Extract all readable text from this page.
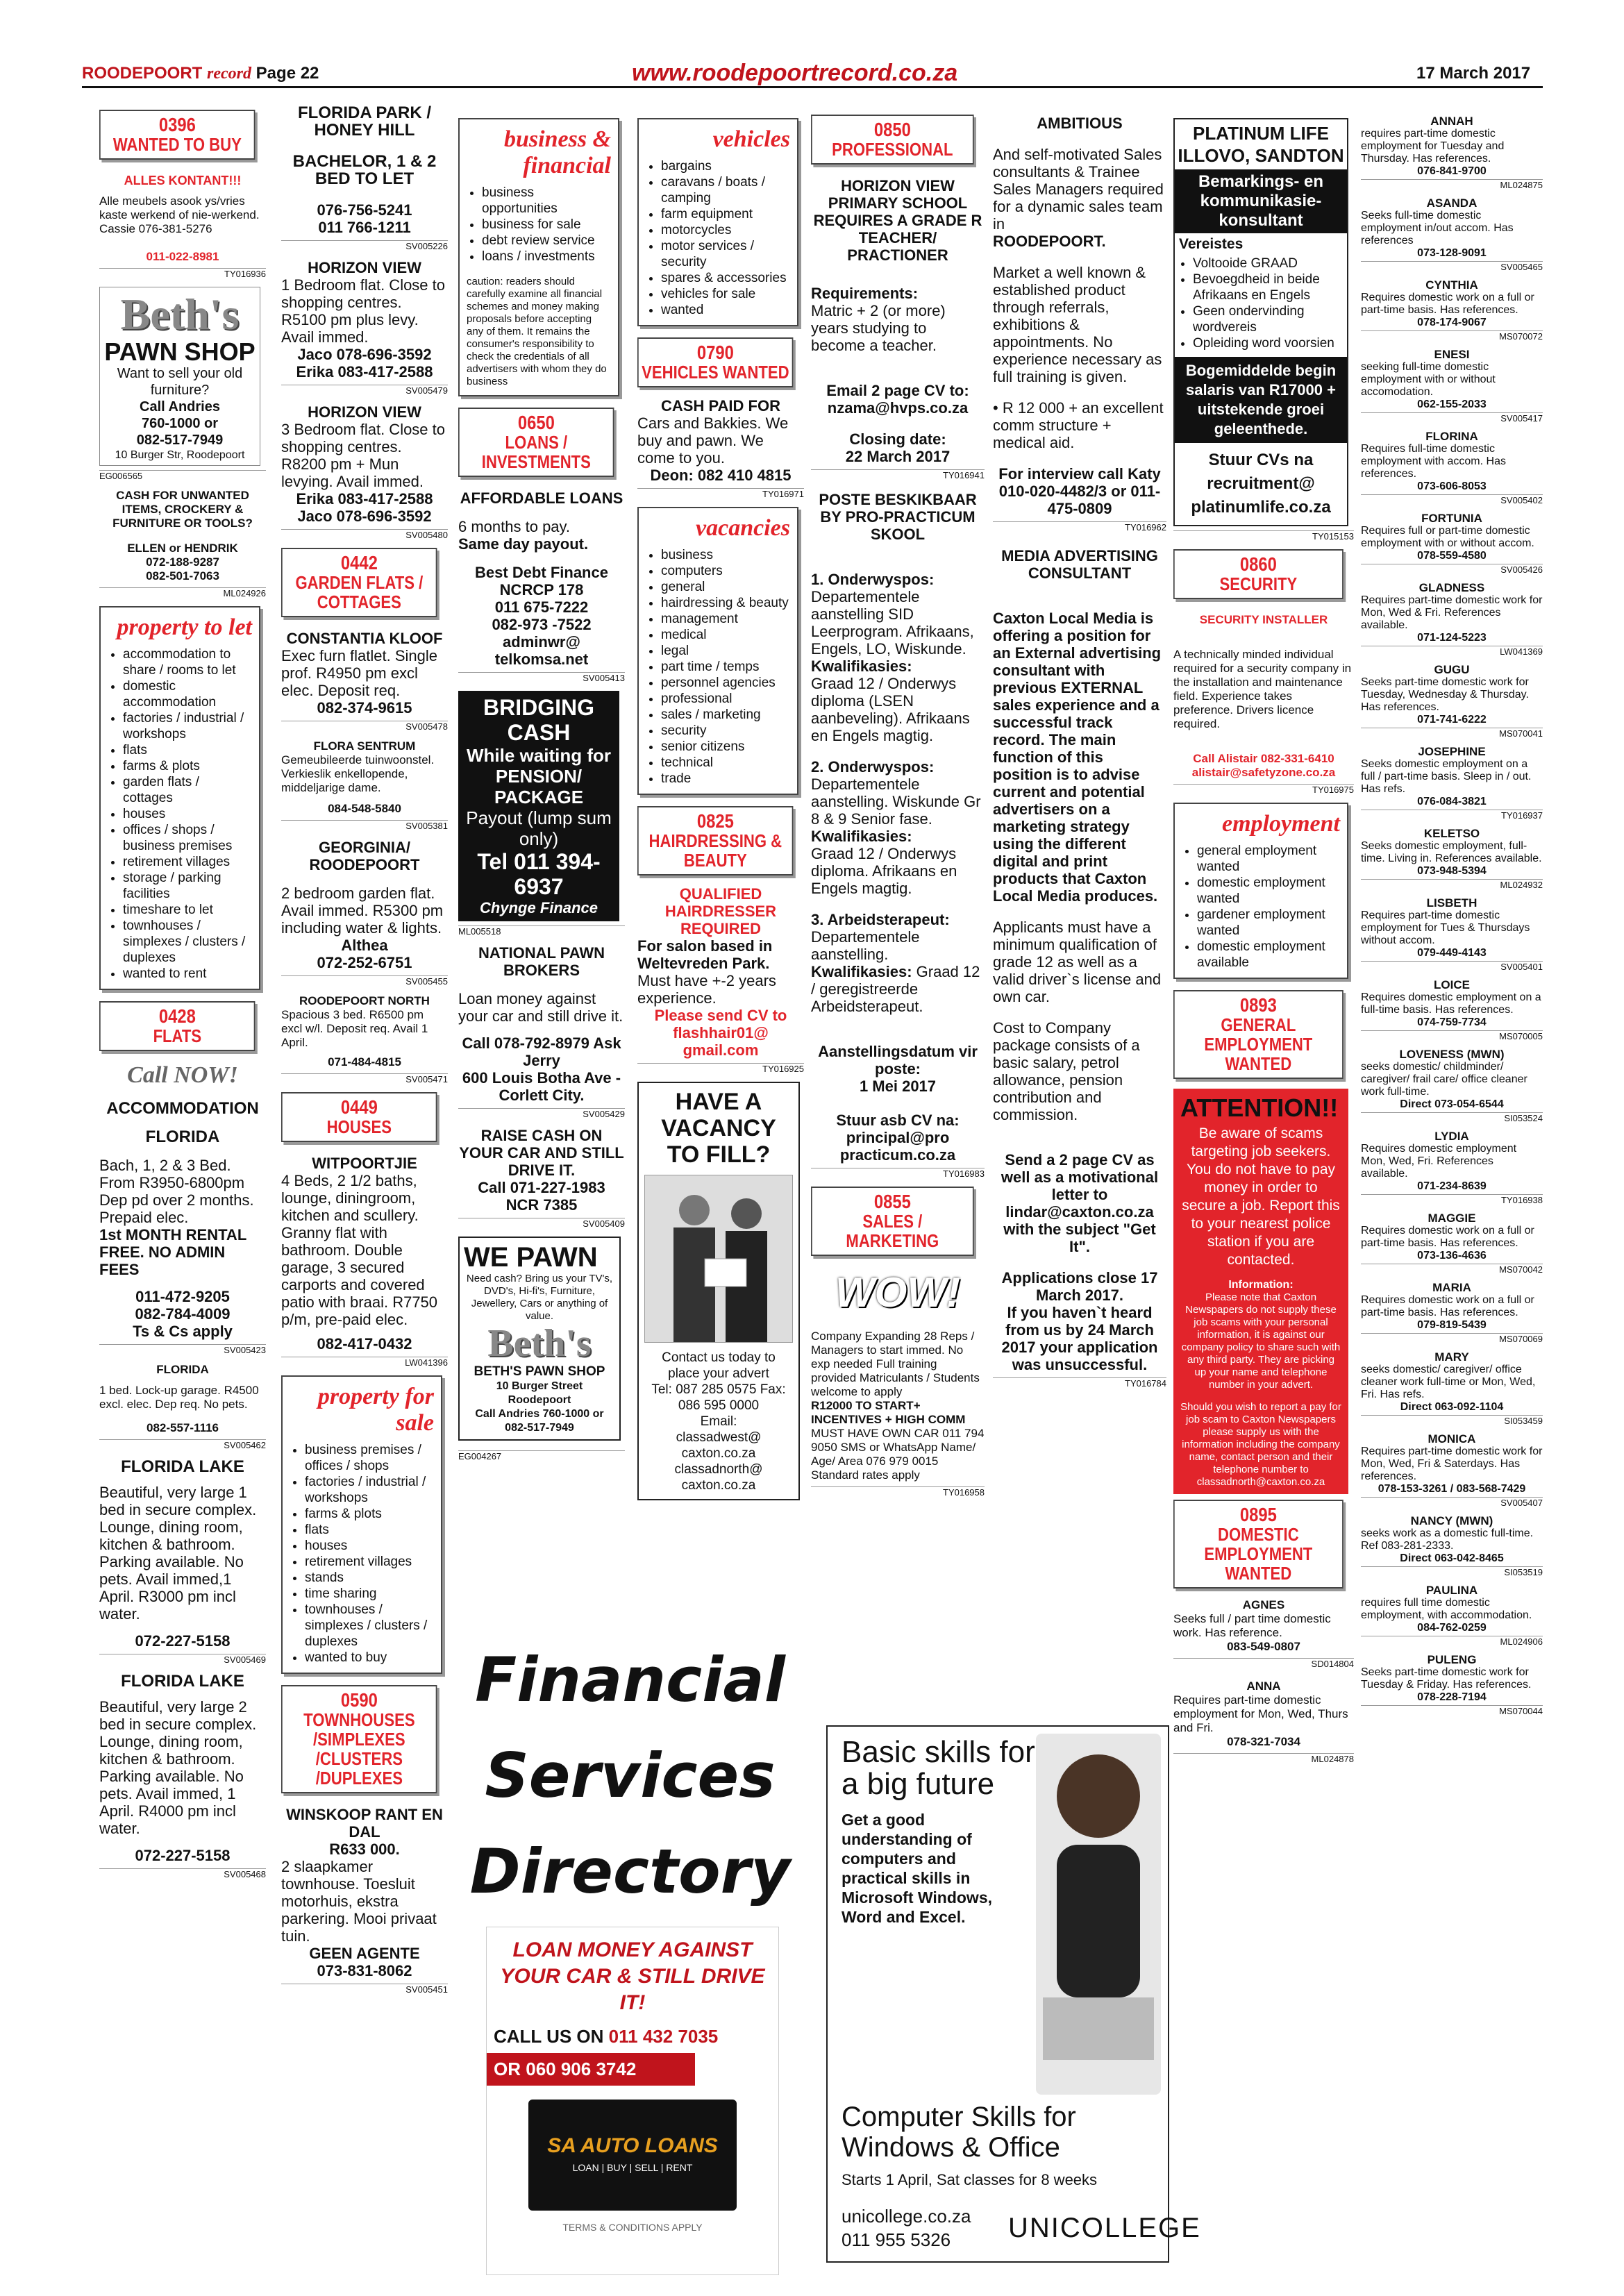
ROODEPOORT record Page 22	www.roodepoortrecord.co.za	17 March 2017
0396
WANTED TO BUY

ALLES KONTANT!!!

Alle meubels asook ys/vries kaste werkend of nie-werkend. Cassie 076-381-5276

011-022-8981

TY016936
Beth's
PAWN SHOP
Want to sell your old furniture?
Call Andries
760-1000 or
082-517-7949
10 Burger Str, Roodepoort
EG006565

CASH FOR UNWANTED ITEMS, CROCKERY & FURNITURE OR TOOLS?

ELLEN or HENDRIK

072-188-9287

082-501-7063

ML024926
property to let
• accommodation to share / rooms to let
• domestic accommodation
• factories / industrial / workshops
• flats
• farms & plots
• garden flats / cottages
• houses
• offices / shops / business premises
• retirement villages
• storage / parking facilities
• timeshare to let
• townhouses / simplexes / clusters / duplexes
• wanted to rent
0428
FLATS
Call NOW!

ACCOMMODATION

FLORIDA

Bach, 1, 2 & 3 Bed. From R3950-6800pm Dep pd over 2 months. Prepaid elec.

1st MONTH RENTAL FREE. NO ADMIN FEES

011-472-9205

082-784-4009

Ts & Cs apply

SV005423

FLORIDA

1 bed. Lock-up garage. R4500 excl. elec. Dep req. No pets.

082-557-1116

SV005462

FLORIDA LAKE

Beautiful, very large 1 bed in secure complex. Lounge, dining room, kitchen & bathroom. Parking available. No pets. Avail immed,1 April. R3000 pm incl water.

072-227-5158

SV005469

FLORIDA LAKE

Beautiful, very large 2 bed in secure complex. Lounge, dining room, kitchen & bathroom. Parking available. No pets. Avail immed, 1 April. R4000 pm incl water.

072-227-5158

SV005468

FLORIDA PARK / HONEY HILL

BACHELOR, 1 & 2 BED TO LET

076-756-5241

011 766-1211

SV005226

HORIZON VIEW

1 Bedroom flat. Close to shopping centres. R5100 pm plus levy. Avail immed.

Jaco 078-696-3592

Erika 083-417-2588

SV005479

HORIZON VIEW

3 Bedroom flat. Close to shopping centres. R8200 pm + Mun levying. Avail immed.

Erika 083-417-2588

Jaco 078-696-3592

SV005480
0442
GARDEN FLATS / COTTAGES

CONSTANTIA KLOOF

Exec furn flatlet. Single prof. R4950 pm excl elec. Deposit req.

082-374-9615

SV005478

FLORA SENTRUM

Gemeubileerde tuinwoonstel. Verkieslik enkellopende, middeljarige dame.

084-548-5840

SV005381

GEORGINIA/ ROODEPOORT

2 bedroom garden flat. Avail immed. R5300 pm including water & lights.

Althea

072-252-6751

SV005455

ROODEPOORT NORTH

Spacious 3 bed. R6500 pm excl w/l. Deposit req. Avail 1 April.

071-484-4815

SV005471
0449
HOUSES

WITPOORTJIE

4 Beds, 2 1/2 baths, lounge, diningroom, kitchen and scullery. Granny flat with bathroom. Double garage, 3 secured carports and covered patio with braai. R7750 p/m, pre-paid elec.

082-417-0432

LW041396
property for sale
• business premises / offices / shops
• factories / industrial / workshops
• farms & plots
• flats
• houses
• retirement villages
• stands
• time sharing
• townhouses / simplexes / clusters / duplexes
• wanted to buy
0590
TOWNHOUSES /SIMPLEXES /CLUSTERS /DUPLEXES

WINSKOOP RANT EN DAL

R633 000.

2 slaapkamer townhouse. Toesluit motorhuis, ekstra parkering. Mooi privaat tuin.

GEEN AGENTE

073-831-8062

SV005451
business & financial
• business opportunities
• business for sale
• debt review service
• loans / investments

caution: readers should carefully examine all financial schemes and money making proposals before accepting any of them. It remains the consumer's responsibility to check the credentials of all advertisers with whom they do business

0650
LOANS / INVESTMENTS

AFFORDABLE LOANS

6 months to pay.

Same day payout.

Best Debt Finance NCRCP 178

011 675-7222

082-973 -7522

adminwr@

telkomsa.net

SV005413
BRIDGING CASH
While waiting for PENSION/ PACKAGE
Payout (lump sum only)
Tel 011 394-6937
Chynge Finance
ML005518

NATIONAL PAWN BROKERS

Loan money against your car and still drive it.

Call 078-792-8979 Ask Jerry

600 Louis Botha Ave - Corlett City.

SV005429

RAISE CASH ON YOUR CAR AND STILL DRIVE IT.

Call 071-227-1983

NCR 7385

SV005409
WE PAWN
Need cash? Bring us your TV's, DVD's, Hi-fi's, Furniture, Jewellery, Cars or anything of value.
Beth's
BETH'S PAWN SHOP
10 Burger Street Roodepoort
Call Andries 760-1000 or 082-517-7949
EG004267
vehicles
• bargains
• caravans / boats / camping
• farm equipment
• motorcycles
• motor services / security
• spares & accessories
• vehicles for sale
• wanted
0790
VEHICLES WANTED

CASH PAID FOR

Cars and Bakkies. We buy and pawn. We come to you.

Deon: 082 410 4815

TY016971
vacancies
• business
• computers
• general
• hairdressing & beauty
• management
• medical
• legal
• part time / temps
• personnel agencies
• professional
• sales / marketing
• security
• senior citizens
• technical
• trade
0825
HAIRDRESSING & BEAUTY

QUALIFIED HAIRDRESSER REQUIRED

For salon based in Weltevreden Park.

Must have +-2 years experience.

Please send CV to flashhair01@ gmail.com

TY016925
HAVE A VACANCY TO FILL?
Contact us today to place your advert
Tel: 087 285 0575 Fax: 086 595 0000
Email:
classadwest@ caxton.co.za
classadnorth@ caxton.co.za
Financial
Services
Directory
LOAN MONEY AGAINST YOUR CAR & STILL DRIVE IT!
CALL US ON 011 432 7035
OR 060 906 3742
SA AUTO LOANS
LOAN | BUY | SELL | RENT
TERMS & CONDITIONS APPLY
0850
PROFESSIONAL

HORIZON VIEW PRIMARY SCHOOL REQUIRES A GRADE R TEACHER/ PRACTIONER

Requirements:

Matric + 2 (or more) years studying to become a teacher.

Email 2 page CV to:

nzama@hvps.co.za

Closing date:

22 March 2017

TY016941

POSTE BESKIKBAAR BY PRO-PRACTICUM SKOOL

1. Onderwyspos:

Departementele aanstelling SID Leerprogram. Afrikaans, Engels, LO, Wiskunde.

Kwalifikasies:

Graad 12 / Onderwys diploma (LSEN aanbeveling). Afrikaans en Engels magtig.

2. Onderwyspos:

Departementele aanstelling. Wiskunde Gr 8 & 9 Senior fase.

Kwalifikasies:

Graad 12 / Onderwys diploma. Afrikaans en Engels magtig.

3. Arbeidsterapeut:

Departementele aanstelling.

Kwalifikasies: Graad 12 / geregistreerde Arbeidsterapeut.

Aanstellingsdatum vir poste:

1 Mei 2017

Stuur asb CV na:

principal@pro practicum.co.za

TY016983
0855
SALES / MARKETING
WOW!

Company Expanding 28 Reps / Managers to start immed. No exp needed Full training provided Matriculants / Students welcome to apply

R12000 TO START+ INCENTIVES + HIGH COMM

MUST HAVE OWN CAR 011 794 9050 SMS or WhatsApp Name/ Age/ Area 076 979 0015 Standard rates apply

TY016958

AMBITIOUS

And self-motivated Sales consultants & Trainee Sales Managers required for a dynamic sales team in

ROODEPOORT.

Market a well known & established product through referrals, exhibitions & appointments. No experience necessary as full training is given.

• R 12 000 + an excellent comm structure + medical aid.

For interview call Katy

010-020-4482/3 or 011-475-0809

TY016962

MEDIA ADVERTISING CONSULTANT

Caxton Local Media is offering a position for an External advertising consultant with previous EXTERNAL sales experience and a successful track record. The main function of this position is to advise current and potential advertisers on a marketing strategy using the different digital and print products that Caxton Local Media produces.

Applicants must have a minimum qualification of grade 12 as well as a valid driver`s license and own car.

Cost to Company package consists of a basic salary, petrol allowance, pension contribution and commission.

Send a 2 page CV as well as a motivational letter to

lindar@caxton.co.za

with the subject "Get It".

Applications close 17 March 2017.

If you haven`t heard from us by 24 March 2017 your application was unsuccessful.

TY016784
Basic skills for a big future
Get a good understanding of computers and practical skills in Microsoft Windows, Word and Excel.
Computer Skills for Windows & Office
Starts 1 April, Sat classes for 8 weeks
unicollege.co.za
011 955 5326 UNICOLLEGE
PLATINUM LIFE ILLOVO, SANDTON
Bemarkings- en kommunikasie-konsultant
Vereistes
• Voltooide GRAAD
• Bevoegdheid in beide Afrikaans en Engels
• Geen ondervinding wordvereis
• Opleiding word voorsien
Bogemiddelde begin salaris van R17000 + uitstekende groei geleenthede.
Stuur CVs na recruitment@ platinumlife.co.za
TY015153
0860
SECURITY

SECURITY INSTALLER

A technically minded individual required for a security company in the installation and maintenance field. Experience takes preference. Drivers licence required.

Call Alistair 082-331-6410 alistair@safetyzone.co.za

TY016975
employment
• general employment wanted
• domestic employment wanted
• gardener employment wanted
• domestic employment available
0893
GENERAL EMPLOYMENT WANTED
ATTENTION!!
Be aware of scams targeting job seekers. You do not have to pay money in order to secure a job. Report this to your nearest police station if you are contacted.
Information:
Please note that Caxton Newspapers do not supply these job scams with your personal information, it is against our company policy to share such with any third party. They are picking up your name and telephone number in your advert.
Should you wish to report a pay for job scam to Caxton Newspapers please supply us with the information including the company name, contact person and their telephone number to classadnorth@caxton.co.za
0895
DOMESTIC EMPLOYMENT WANTED

AGNES

Seeks full / part time domestic work. Has reference.

083-549-0807

SD014804

ANNA

Requires part-time domestic employment for Mon, Wed, Thurs and Fri.

078-321-7034

ML024878
ANNAH
requires part-time domestic employment for Tuesday and Thursday. Has references.
076-841-9700
ML024875
ASANDA
Seeks full-time domestic employment in/out accom. Has references
073-128-9091
SV005465
CYNTHIA
Requires domestic work on a full or part-time basis. Has references.
078-174-9067
MS070072
ENESI
seeking full-time domestic employment with or without accomodation.
062-155-2033
SV005417
FLORINA
Requires full-time domestic employment with accom. Has references.
073-606-8053
SV005402
FORTUNIA
Requires full or part-time domestic employment with or without accom.
078-559-4580
SV005426
GLADNESS
Requires part-time domestic work for Mon, Wed & Fri. References available.
071-124-5223
LW041369
GUGU
Seeks part-time domestic work for Tuesday, Wednesday & Thursday. Has references.
071-741-6222
MS070041
JOSEPHINE
Seeks domestic employment on a full / part-time basis. Sleep in / out. Has refs.
076-084-3821
TY016937
KELETSO
Seeks domestic employment, full-time. Living in. References available.
073-948-5394
ML024932
LISBETH
Requires part-time domestic employment for Tues & Thursdays without accom.
079-449-4143
SV005401
LOICE
Requires domestic employment on a full-time basis. Has references.
074-759-7734
MS070005
LOVENESS (MWN)
seeks domestic/ childminder/ caregiver/ frail care/ office cleaner work full-time.
Direct 073-054-6544
SI053524
LYDIA
Requires domestic employment Mon, Wed, Fri. References available.
071-234-8639
TY016938
MAGGIE
Requires domestic work on a full or part-time basis. Has references.
073-136-4636
MS070042
MARIA
Requires domestic work on a full or part-time basis. Has references.
079-819-5439
MS070069
MARY
seeks domestic/ caregiver/ office cleaner work full-time or Mon, Wed, Fri. Has refs.
Direct 063-092-1104
SI053459
MONICA
Requires part-time domestic work for Mon, Wed, Fri & Saterdays. Has references.
078-153-3261 / 083-568-7429
SV005407
NANCY (MWN)
seeks work as a domestic full-time. Ref 083-281-2333.
Direct 063-042-8465
SI053519
PAULINA
requires full time domestic employment, with accommodation.
084-762-0259
ML024906
PULENG
Seeks part-time domestic work for Tuesday & Friday. Has references.
078-228-7194
MS070044
